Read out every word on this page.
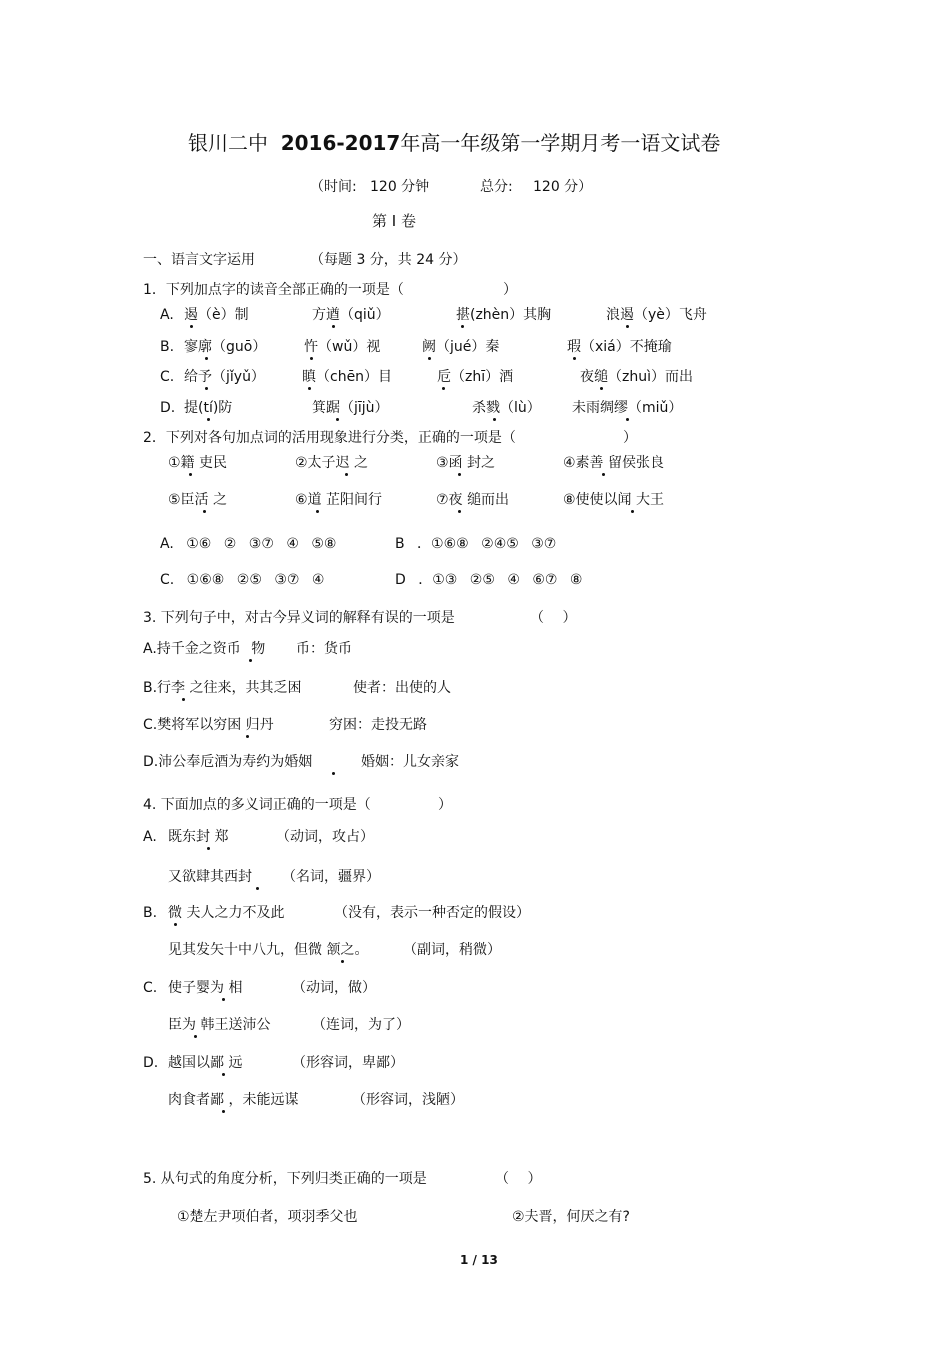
银川二中 2016-2017年高一年级第一学期月考一语文试卷
（时间: 120 分钟	总分: 120 分）
第 Ⅰ 卷
一、语言文字运用	（每题 3 分，共 24 分）
1．下列加点字的读音全部正确的一项是（	）
A. 遏（è）制	方遒（qiǔ）	揕(zhèn）其胸	浪遏（yè）飞舟
B. 寥廓（guō）	忤（wǔ）视	阙（jué）秦	瑕（xiá）不掩瑜
C. 给予（jǐyǔ）	瞋（chēn）目	卮（zhī）酒	夜缒（zhuì）而出
D. 提(tí)防	箕踞（jījù）	杀戮（lù） 未雨绸缪（miǔ）
2．下列对各句加点词的活用现象进行分类，正确的一项是（	）
①籍 吏民	②太子迟 之	③函 封之	④素善 留侯张良
⑤臣活 之	⑥道 芷阳间行	⑦夜 缒而出	⑧使使以闻 大王
A. ①⑥ ② ③⑦ ④ ⑤⑧	B ．①⑥⑧ ②④⑤ ③⑦
C. ①⑥⑧ ②⑤ ③⑦ ④	D ．①③ ②⑤ ④ ⑥⑦ ⑧
3. 下列句子中，对古今异义词的解释有误的一项是	（ ）
A.持千金之资币 物 币：货币
B.行李 之往来，共其乏困	使者：出使的人
C.樊将军以穷困 归丹	穷困：走投无路
D.沛公奉卮酒为寿约为婚姻	婚姻：儿女亲家
4. 下面加点的多义词正确的一项是（	）
A. 既东封 郑	（动词，攻占）
又欲肆其西封 （名词，疆界）
B. 微 夫人之力不及此	（没有，表示一种否定的假设）
见其发矢十中八九，但微 颔之。 （副词，稍微）
C. 使子婴为 相	（动词，做）
臣为 韩王送沛公	（连词，为了）
D. 越国以鄙 远	（形容词，卑鄙）
肉食者鄙 ，未能远谋	（形容词，浅陋）
5. 从句式的角度分析，下列归类正确的一项是	（ ）
①楚左尹项伯者，项羽季父也	②夫晋，何厌之有?
1 / 13
